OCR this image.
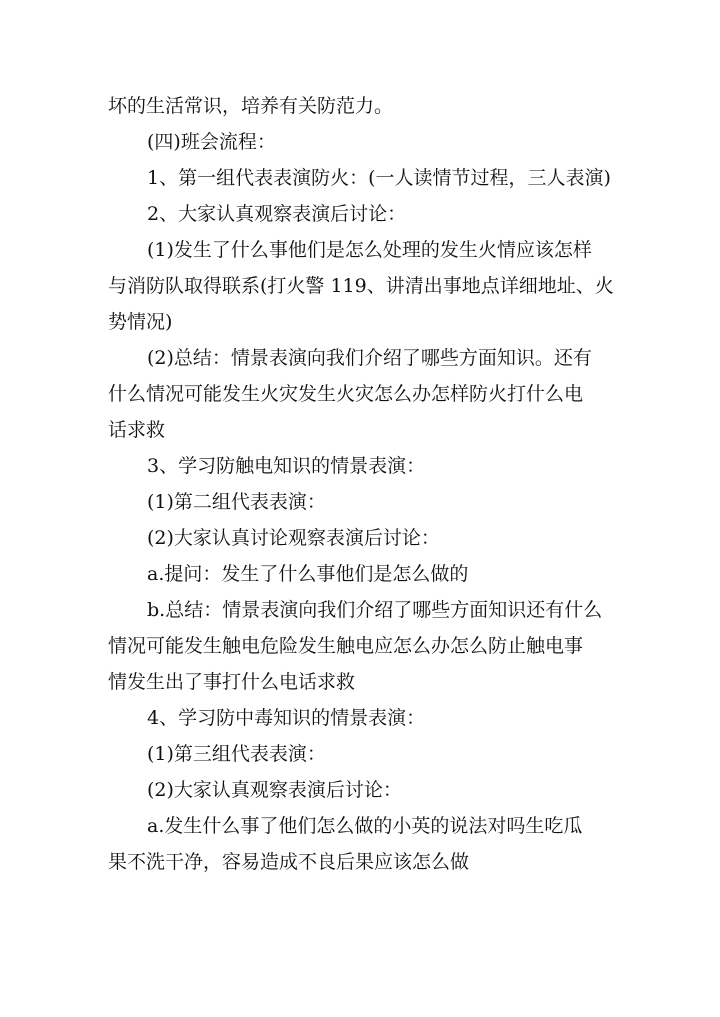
坏的生活常识，培养有关防范力。
(四)班会流程：
1、第一组代表表演防火：(一人读情节过程，三人表演)
2、大家认真观察表演后讨论：
(1)发生了什么事他们是怎么处理的发生火情应该怎样
与消防队取得联系(打火警 119、讲清出事地点详细地址、火
势情况)
(2)总结：情景表演向我们介绍了哪些方面知识。还有
什么情况可能发生火灾发生火灾怎么办怎样防火打什么电
话求救
3、学习防触电知识的情景表演：
(1)第二组代表表演：
(2)大家认真讨论观察表演后讨论：
a.提问：发生了什么事他们是怎么做的
b.总结：情景表演向我们介绍了哪些方面知识还有什么
情况可能发生触电危险发生触电应怎么办怎么防止触电事
情发生出了事打什么电话求救
4、学习防中毒知识的情景表演：
(1)第三组代表表演：
(2)大家认真观察表演后讨论：
a.发生什么事了他们怎么做的小英的说法对吗生吃瓜
果不洗干净，容易造成不良后果应该怎么做
